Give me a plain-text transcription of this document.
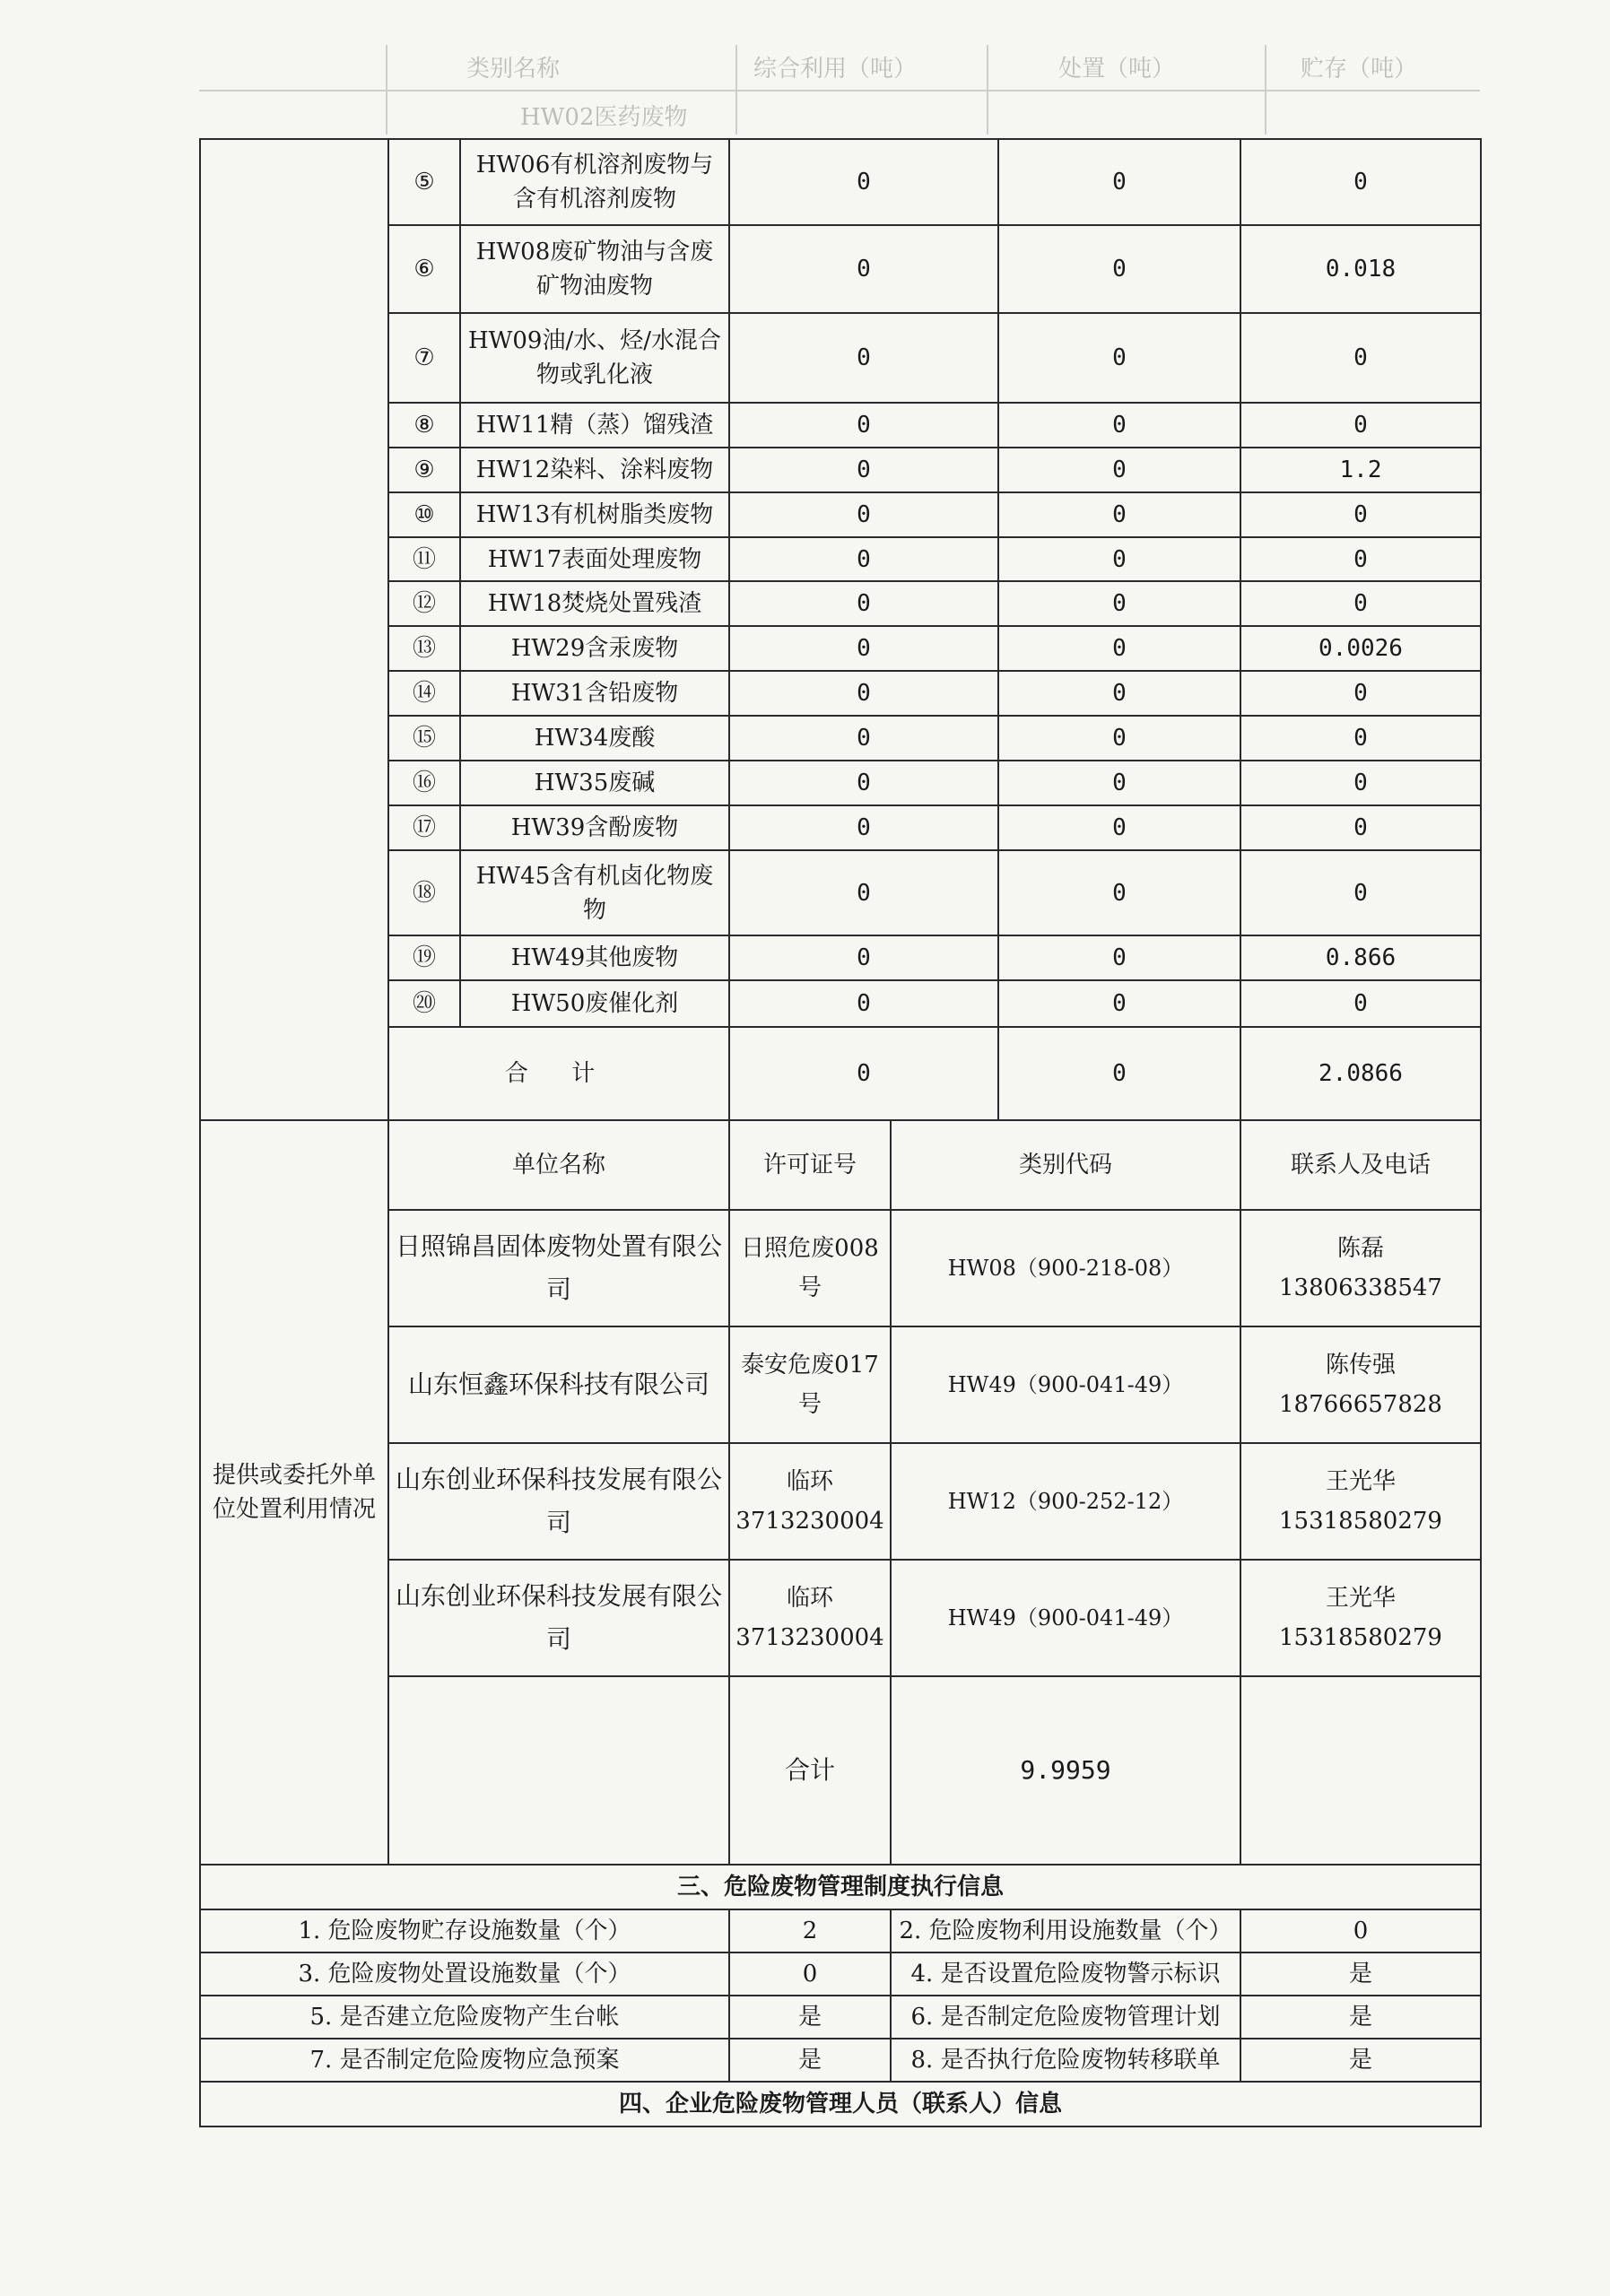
类别名称	综合利用（吨）	处置（吨）	贮存（吨）
HW02医药废物
	⑤	HW06有机溶剂废物与含有机溶剂废物	0		0	0
	⑥	HW08废矿物油与含废矿物油废物	0		0	0.018
	⑦	HW09油/水、烃/水混合物或乳化液	0		0	0
	⑧	HW11精（蒸）馏残渣	0		0	0
	⑨	HW12染料、涂料废物	0		0	1.2
	⑩	HW13有机树脂类废物	0		0	0
	⑪	HW17表面处理废物	0		0	0
	⑫	HW18焚烧处置残渣	0		0	0
	⑬	HW29含汞废物	0		0	0.0026
	⑭	HW31含铅废物	0		0	0
	⑮	HW34废酸	0		0	0
	⑯	HW35废碱	0		0	0
	⑰	HW39含酚废物	0		0	0
	⑱	HW45含有机卤化物废物	0		0	0
	⑲	HW49其他废物	0		0	0.866
	⑳	HW50废催化剂	0		0	0
	合 计		0		0	2.0866
提供或委托外单位处置利用情况	单位名称		许可证号	类别代码		联系人及电话
	日照锦昌固体废物处置有限公司		日照危废008号	HW08（900-218-08）		陈磊
13806338547

	山东恒鑫环保科技有限公司		泰安危废017号	HW49（900-041-49）		陈传强
18766657828

	山东创业环保科技发展有限公司		临环3713230004	HW12（900-252-12）		王光华
15318580279

	山东创业环保科技发展有限公司		临环3713230004	HW49（900-041-49）		王光华
15318580279

			合计	9.9959		
三、危险废物管理制度执行信息						
1. 危险废物贮存设施数量（个）			2	2. 危险废物利用设施数量（个）		0
3. 危险废物处置设施数量（个）			0	4. 是否设置危险废物警示标识		是
5. 是否建立危险废物产生台帐			是	6. 是否制定危险废物管理计划		是
7. 是否制定危险废物应急预案			是	8. 是否执行危险废物转移联单		是
四、企业危险废物管理人员（联系人）信息						
